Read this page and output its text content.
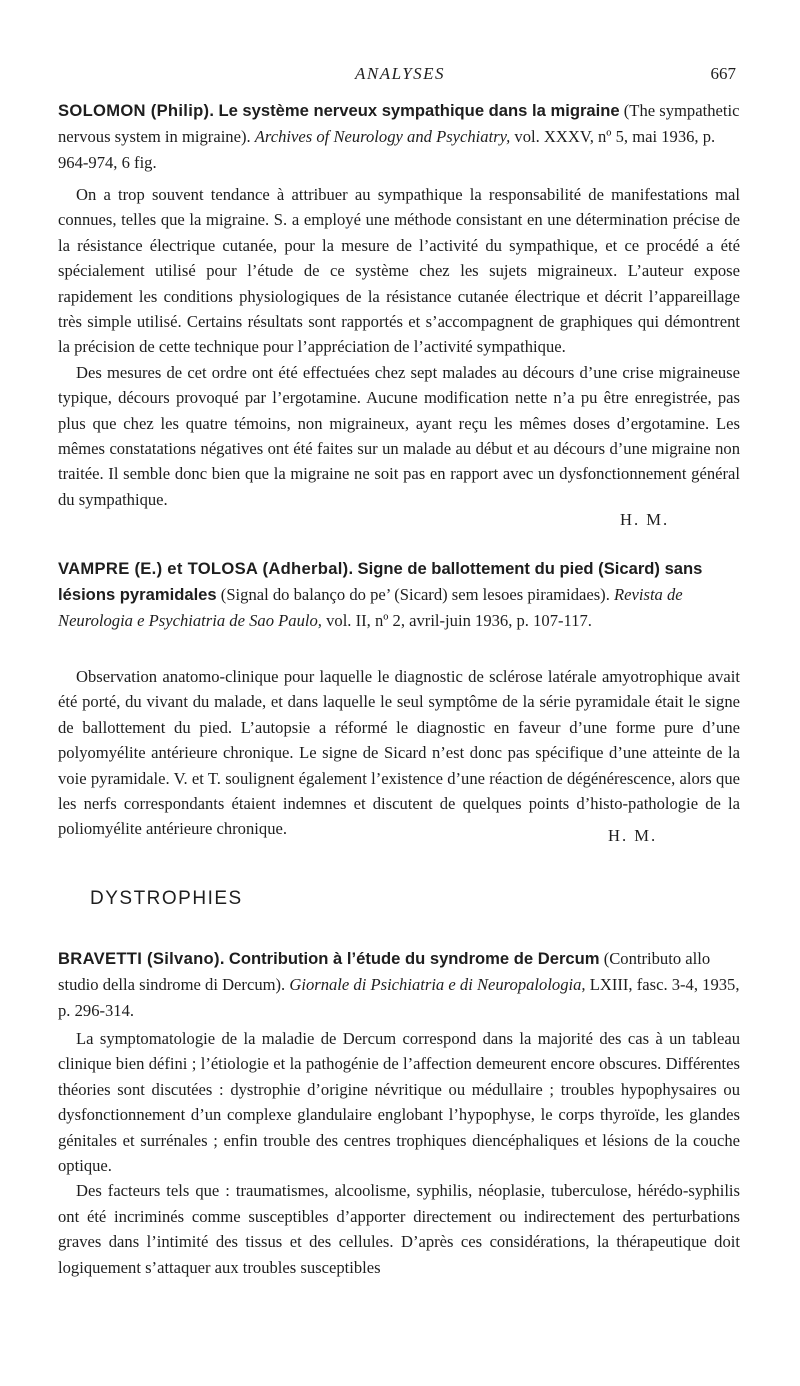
ANALYSES	667
SOLOMON (Philip). Le système nerveux sympathique dans la migraine (The sympathetic nervous system in migraine). Archives of Neurology and Psychiatry, vol. XXXV, nº 5, mai 1936, p. 964-974, 6 fig.

On a trop souvent tendance à attribuer au sympathique la responsabilité de manifestations mal connues, telles que la migraine. S. a employé une méthode consistant en une détermination précise de la résistance électrique cutanée, pour la mesure de l’activité du sympathique, et ce procédé a été spécialement utilisé pour l’étude de ce système chez les sujets migraineux. L’auteur expose rapidement les conditions physiologiques de la résistance cutanée électrique et décrit l’appareillage très simple utilisé. Certains résultats sont rapportés et s’accompagnent de graphiques qui démontrent la précision de cette technique pour l’appréciation de l’activité sympathique.

Des mesures de cet ordre ont été effectuées chez sept malades au décours d’une crise migraineuse typique, décours provoqué par l’ergotamine. Aucune modification nette n’a pu être enregistrée, pas plus que chez les quatre témoins, non migraineux, ayant reçu les mêmes doses d’ergotamine. Les mêmes constatations négatives ont été faites sur un malade au début et au décours d’une migraine non traitée. Il semble donc bien que la migraine ne soit pas en rapport avec un dysfonctionnement général du sympathique.

H. M.
VAMPRE (E.) et TOLOSA (Adherbal). Signe de ballottement du pied (Sicard) sans lésions pyramidales (Signal do balanço do pe’ (Sicard) sem lesoes piramidaes). Revista de Neurologia e Psychiatria de Sao Paulo, vol. II, nº 2, avril-juin 1936, p. 107-117.

Observation anatomo-clinique pour laquelle le diagnostic de sclérose latérale amyotrophique avait été porté, du vivant du malade, et dans laquelle le seul symptôme de la série pyramidale était le signe de ballottement du pied. L’autopsie a réformé le diagnostic en faveur d’une forme pure d’une polyomyélite antérieure chronique. Le signe de Sicard n’est donc pas spécifique d’une atteinte de la voie pyramidale. V. et T. soulignent également l’existence d’une réaction de dégénérescence, alors que les nerfs correspondants étaient indemnes et discutent de quelques points d’histo-pathologie de la poliomyélite antérieure chronique.	H. M.
DYSTROPHIES
BRAVETTI (Silvano). Contribution à l’étude du syndrome de Dercum (Contributo allo studio della sindrome di Dercum). Giornale di Psichiatria e di Neuropalologia, LXIII, fasc. 3-4, 1935, p. 296-314.

La symptomatologie de la maladie de Dercum correspond dans la majorité des cas à un tableau clinique bien défini ; l’étiologie et la pathogénie de l’affection demeurent encore obscures. Différentes théories sont discutées : dystrophie d’origine névritique ou médullaire ; troubles hypophysaires ou dysfonctionnement d’un complexe glandulaire englobant l’hypophyse, le corps thyroïde, les glandes génitales et surrénales ; enfin trouble des centres trophiques diencéphaliques et lésions de la couche optique.

Des facteurs tels que : traumatismes, alcoolisme, syphilis, néoplasie, tuberculose, hérédo-syphilis ont été incriminés comme susceptibles d’apporter directement ou indirectement des perturbations graves dans l’intimité des tissus et des cellules. D’après ces considérations, la thérapeutique doit logiquement s’attaquer aux troubles susceptibles
